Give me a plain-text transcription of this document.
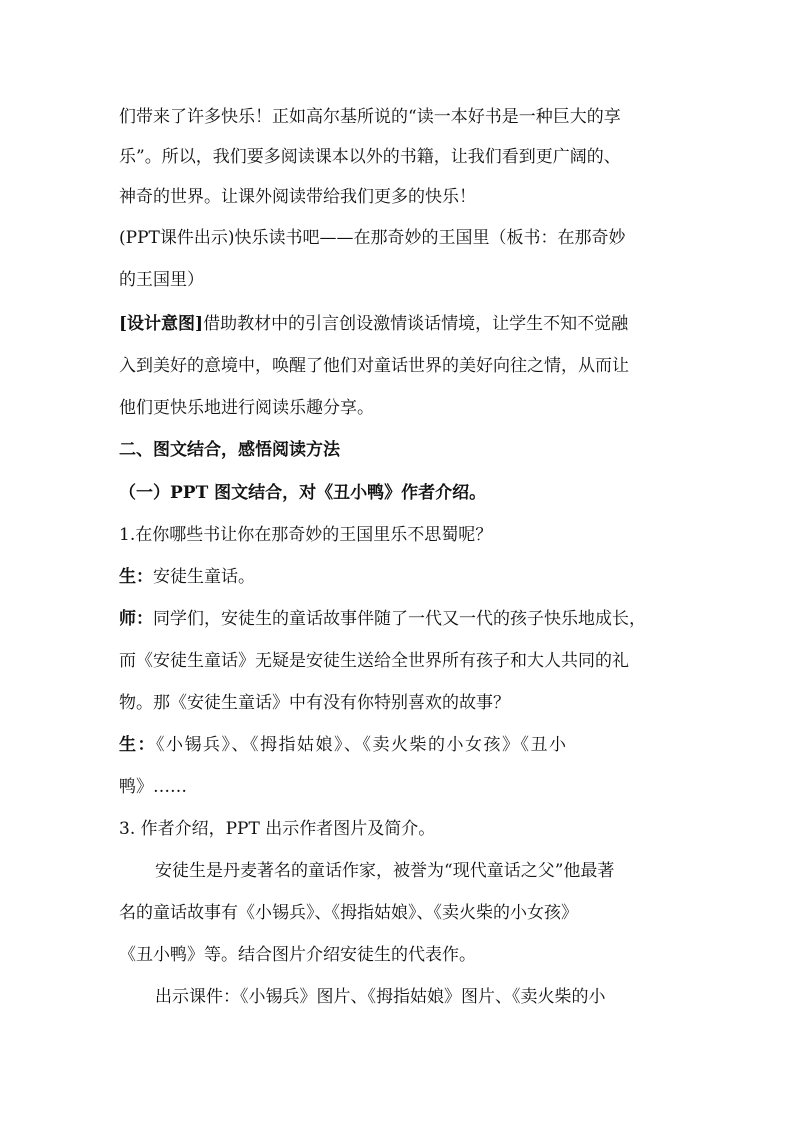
们带来了许多快乐！正如高尔基所说的“读一本好书是一种巨大的享
乐”。所以，我们要多阅读课本以外的书籍，让我们看到更广阔的、
神奇的世界。让课外阅读带给我们更多的快乐！
(PPT课件出示)快乐读书吧——在那奇妙的王国里（板书：在那奇妙
的王国里）
[设计意图]借助教材中的引言创设激情谈话情境，让学生不知不觉融
入到美好的意境中，唤醒了他们对童话世界的美好向往之情，从而让
他们更快乐地进行阅读乐趣分享。
二、图文结合，感悟阅读方法
（一）PPT 图文结合，对《丑小鸭》作者介绍。
1.在你哪些书让你在那奇妙的王国里乐不思蜀呢？
生：安徒生童话。
师：同学们，安徒生的童话故事伴随了一代又一代的孩子快乐地成长，
而《安徒生童话》无疑是安徒生送给全世界所有孩子和大人共同的礼
物。那《安徒生童话》中有没有你特别喜欢的故事？
生：《小锡兵》、《拇指姑娘》、《卖火柴的小女孩》《丑小
鸭》……
3. 作者介绍，PPT 出示作者图片及简介。
安徒生是丹麦著名的童话作家，被誉为“现代童话之父”他最著
名的童话故事有《小锡兵》、《拇指姑娘》、《卖火柴的小女孩》
《丑小鸭》等。结合图片介绍安徒生的代表作。
出示课件：《小锡兵》图片、《拇指姑娘》图片、《卖火柴的小
